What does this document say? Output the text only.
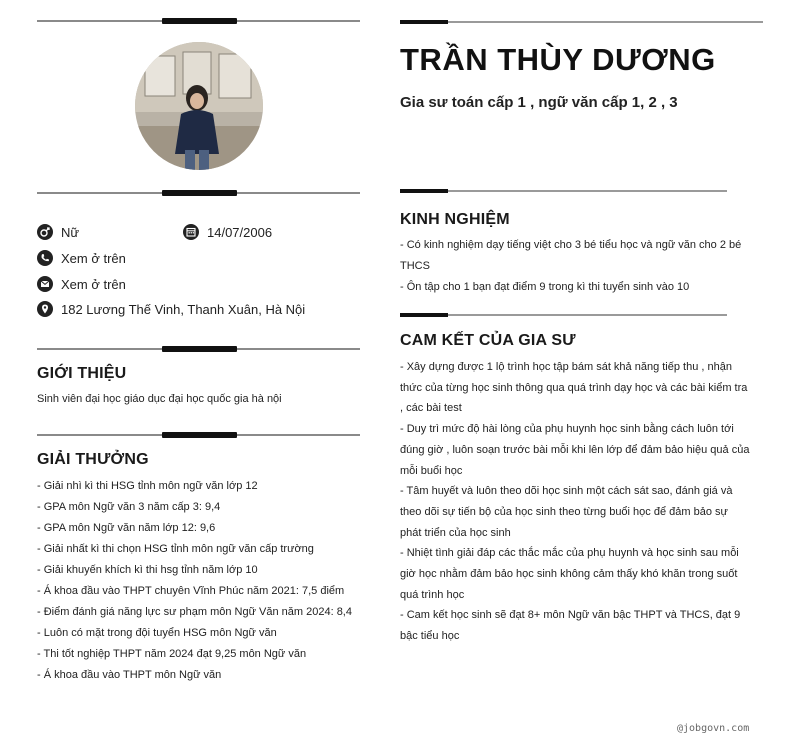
Nữ	14/07/2006
Xem ở trên
Xem ở trên
182 Lương Thế Vinh, Thanh Xuân, Hà Nội
GIỚI THIỆU
Sinh viên đại học giáo dục đại học quốc gia hà nội
GIẢI THƯỞNG
- Giải nhì kì thi HSG tỉnh môn ngữ văn lớp 12
- GPA môn Ngữ văn 3 năm cấp 3: 9,4
- GPA môn Ngữ văn năm lớp 12: 9,6
- Giải nhất kì thi chọn HSG tỉnh môn ngữ văn cấp trường
- Giải khuyến khích kì thi hsg tỉnh năm lớp 10
- Á khoa đầu vào THPT chuyên Vĩnh Phúc năm 2021: 7,5 điểm
- Điểm đánh giá năng lực sư phạm môn Ngữ Văn năm 2024: 8,4
- Luôn có mặt trong đội tuyển HSG môn Ngữ văn
- Thi tốt nghiệp THPT năm 2024 đạt 9,25 môn Ngữ văn
- Á khoa đầu vào THPT môn Ngữ văn
TRẦN THÙY DƯƠNG
Gia sư toán cấp 1 , ngữ văn cấp 1, 2 , 3
KINH NGHIỆM
- Có kinh nghiệm dạy tiếng việt cho 3 bé tiểu học và ngữ văn cho 2 bé
THCS
- Ôn tập cho 1 bạn đạt điểm 9 trong kì thi tuyển sinh vào 10
CAM KẾT CỦA GIA SƯ
- Xây dựng được 1 lộ trình học tập bám sát khả năng tiếp thu , nhận
thức của từng học sinh thông qua quá trình dạy học và các bài kiểm tra
, các bài test
- Duy trì mức độ hài lòng của phụ huynh học sinh bằng cách luôn tới
đúng giờ , luôn soạn trước bài mỗi khi lên lớp để đảm bảo hiệu quả của
mỗi buổi học
- Tâm huyết và luôn theo dõi học sinh một cách sát sao, đánh giá và
theo dõi sự tiến bộ của học sinh theo từng buổi học để đảm bảo sự
phát triển của học sinh
- Nhiệt tình giải đáp các thắc mắc của phụ huynh và học sinh sau mỗi
giờ học nhằm đảm bảo học sinh không cảm thấy khó khăn trong suốt
quá trình học
- Cam kết học sinh sẽ đạt 8+ môn Ngữ văn bậc THPT và THCS, đạt 9
bậc tiểu học
@jobgovn.com
